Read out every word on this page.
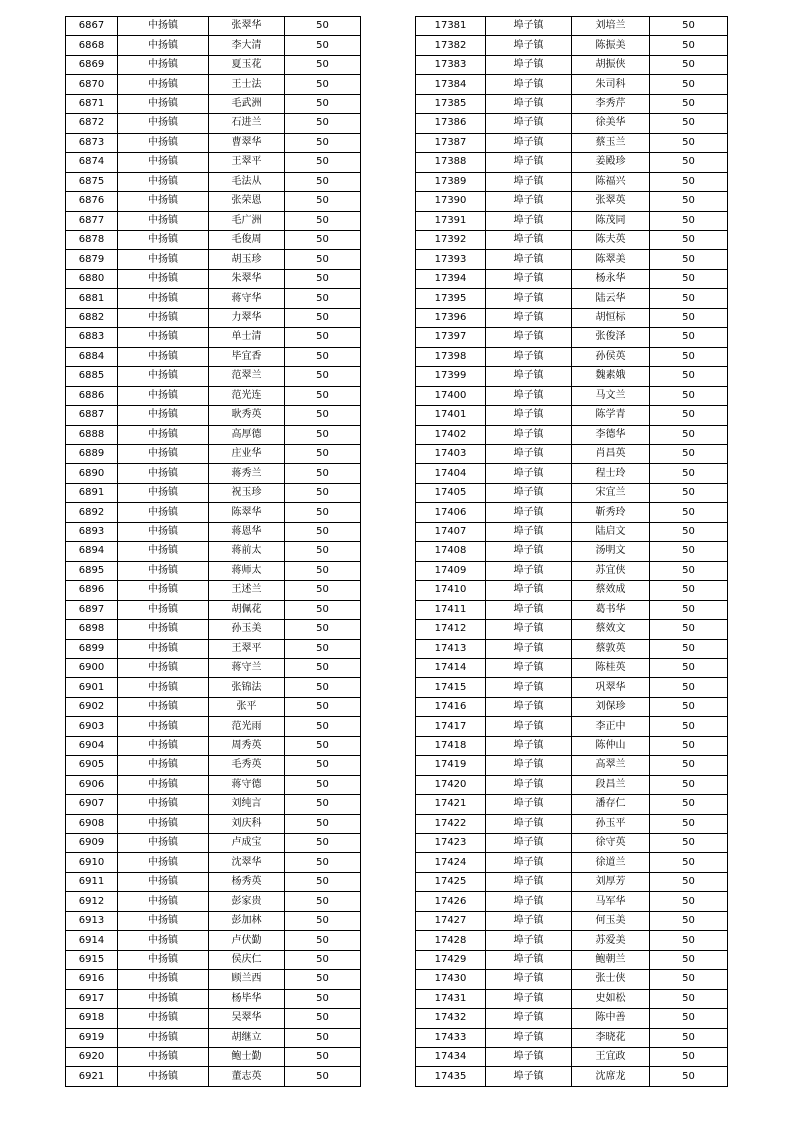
6867	中扬镇	张翠华	50
6868	中扬镇	李大清	50
6869	中扬镇	夏玉花	50
6870	中扬镇	王士法	50
6871	中扬镇	毛武洲	50
6872	中扬镇	石进兰	50
6873	中扬镇	曹翠华	50
6874	中扬镇	王翠平	50
6875	中扬镇	毛法从	50
6876	中扬镇	张荣恩	50
6877	中扬镇	毛广洲	50
6878	中扬镇	毛俊周	50
6879	中扬镇	胡玉珍	50
6880	中扬镇	朱翠华	50
6881	中扬镇	蒋守华	50
6882	中扬镇	力翠华	50
6883	中扬镇	单士清	50
6884	中扬镇	毕宜香	50
6885	中扬镇	范翠兰	50
6886	中扬镇	范光连	50
6887	中扬镇	耿秀英	50
6888	中扬镇	高厚德	50
6889	中扬镇	庄业华	50
6890	中扬镇	蒋秀兰	50
6891	中扬镇	祝玉珍	50
6892	中扬镇	陈翠华	50
6893	中扬镇	蒋恩华	50
6894	中扬镇	蒋前太	50
6895	中扬镇	蒋师太	50
6896	中扬镇	王述兰	50
6897	中扬镇	胡佩花	50
6898	中扬镇	孙玉美	50
6899	中扬镇	王翠平	50
6900	中扬镇	蒋守兰	50
6901	中扬镇	张锦法	50
6902	中扬镇	张平	50
6903	中扬镇	范光雨	50
6904	中扬镇	周秀英	50
6905	中扬镇	毛秀英	50
6906	中扬镇	蒋守德	50
6907	中扬镇	刘纯言	50
6908	中扬镇	刘庆科	50
6909	中扬镇	卢成宝	50
6910	中扬镇	沈翠华	50
6911	中扬镇	杨秀英	50
6912	中扬镇	彭家贵	50
6913	中扬镇	彭加林	50
6914	中扬镇	卢伏勤	50
6915	中扬镇	侯庆仁	50
6916	中扬镇	顾兰西	50
6917	中扬镇	杨毕华	50
6918	中扬镇	吴翠华	50
6919	中扬镇	胡继立	50
6920	中扬镇	鲍士勤	50
6921	中扬镇	董志英	50
17381	埠子镇	刘培兰	50
17382	埠子镇	陈振美	50
17383	埠子镇	胡振侠	50
17384	埠子镇	朱司科	50
17385	埠子镇	李秀芹	50
17386	埠子镇	徐美华	50
17387	埠子镇	蔡玉兰	50
17388	埠子镇	姜殿珍	50
17389	埠子镇	陈福兴	50
17390	埠子镇	张翠英	50
17391	埠子镇	陈茂同	50
17392	埠子镇	陈夫英	50
17393	埠子镇	陈翠美	50
17394	埠子镇	杨永华	50
17395	埠子镇	陆云华	50
17396	埠子镇	胡恒标	50
17397	埠子镇	张俊泽	50
17398	埠子镇	孙侯英	50
17399	埠子镇	魏素娥	50
17400	埠子镇	马文兰	50
17401	埠子镇	陈学青	50
17402	埠子镇	李德华	50
17403	埠子镇	肖昌英	50
17404	埠子镇	程士玲	50
17405	埠子镇	宋宜兰	50
17406	埠子镇	靳秀玲	50
17407	埠子镇	陆启文	50
17408	埠子镇	汤明文	50
17409	埠子镇	苏宜侠	50
17410	埠子镇	蔡效成	50
17411	埠子镇	葛书华	50
17412	埠子镇	蔡效文	50
17413	埠子镇	蔡敦英	50
17414	埠子镇	陈桂英	50
17415	埠子镇	巩翠华	50
17416	埠子镇	刘保珍	50
17417	埠子镇	李正中	50
17418	埠子镇	陈仲山	50
17419	埠子镇	高翠兰	50
17420	埠子镇	段昌兰	50
17421	埠子镇	潘存仁	50
17422	埠子镇	孙玉平	50
17423	埠子镇	徐守英	50
17424	埠子镇	徐道兰	50
17425	埠子镇	刘厚芳	50
17426	埠子镇	马军华	50
17427	埠子镇	何玉美	50
17428	埠子镇	苏爱美	50
17429	埠子镇	鲍朝兰	50
17430	埠子镇	张士侠	50
17431	埠子镇	史如松	50
17432	埠子镇	陈中善	50
17433	埠子镇	李晓花	50
17434	埠子镇	王宜政	50
17435	埠子镇	沈席龙	50
